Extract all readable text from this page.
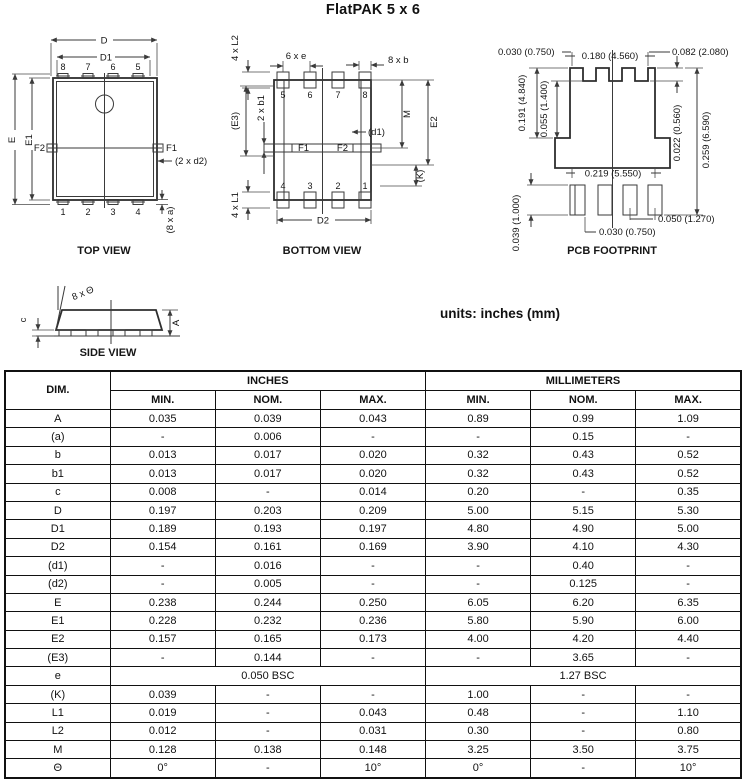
FlatPAK 5 x 6
D
D1
8 7 6 5
1 2 3 4
E E1
F2	F1
(2 x d2)
(8 x a)
TOP VIEW
5 6	7 8
4 3	2 1
F1	F2
4 x L2	6 x e	8 x b
2 x b1
(E3)
(d1)
M
E2
(K)
D2
4 x L1
BOTTOM VIEW
0.180 (4.560)
0.030 (0.750)	0.082 (2.080)
0.191 (4.840) 0.055 (1.400)	0.022 (0.560) 0.259 (6.590)
0.219 (5.550)
0.050 (1.270)
0.030 (0.750)
0.039 (1.000)	PCB FOOTPRINT
8 x Θ
c	A
SIDE VIEW
units: inches (mm)
DIM.	INCHES			MILLIMETERS		
	MIN.	NOM.	MAX.	MIN.	NOM.	MAX.
A	0.035	0.039	0.043	0.89	0.99	1.09
(a)	-	0.006	-	-	0.15	-
b	0.013	0.017	0.020	0.32	0.43	0.52
b1	0.013	0.017	0.020	0.32	0.43	0.52
c	0.008	-	0.014	0.20	-	0.35
D	0.197	0.203	0.209	5.00	5.15	5.30
D1	0.189	0.193	0.197	4.80	4.90	5.00
D2	0.154	0.161	0.169	3.90	4.10	4.30
(d1)	-	0.016	-	-	0.40	-
(d2)	-	0.005	-	-	0.125	-
E	0.238	0.244	0.250	6.05	6.20	6.35
E1	0.228	0.232	0.236	5.80	5.90	6.00
E2	0.157	0.165	0.173	4.00	4.20	4.40
(E3)	-	0.144	-	-	3.65	-
e	0.050 BSC			1.27 BSC		
(K)	0.039	-	-	1.00	-	-
L1	0.019	-	0.043	0.48	-	1.10
L2	0.012	-	0.031	0.30	-	0.80
M	0.128	0.138	0.148	3.25	3.50	3.75
Θ	0°	-	10°	0°	-	10°
